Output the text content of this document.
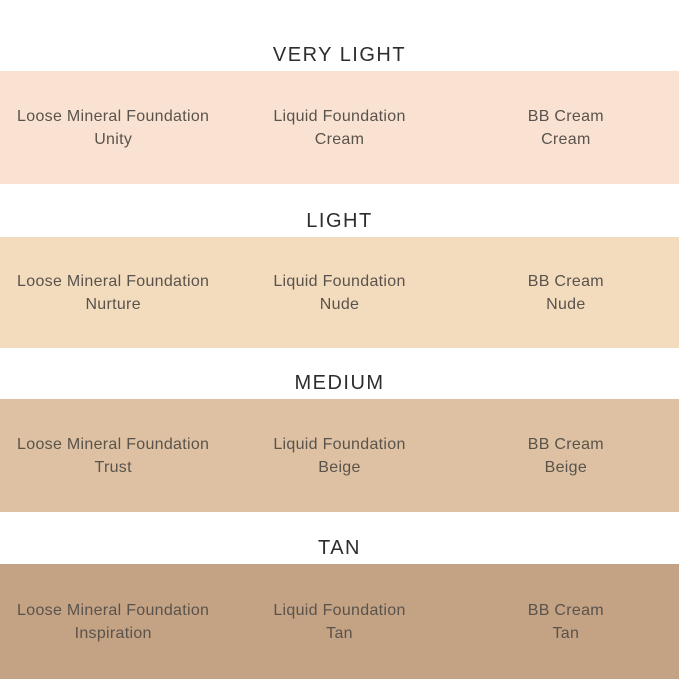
VERY LIGHT
Loose Mineral Foundation
Unity
Liquid Foundation
Cream
BB Cream
Cream
LIGHT
Loose Mineral Foundation
Nurture
Liquid Foundation
Nude
BB Cream
Nude
MEDIUM
Loose Mineral Foundation
Trust
Liquid Foundation
Beige
BB Cream
Beige
TAN
Loose Mineral Foundation
Inspiration
Liquid Foundation
Tan
BB Cream
Tan
